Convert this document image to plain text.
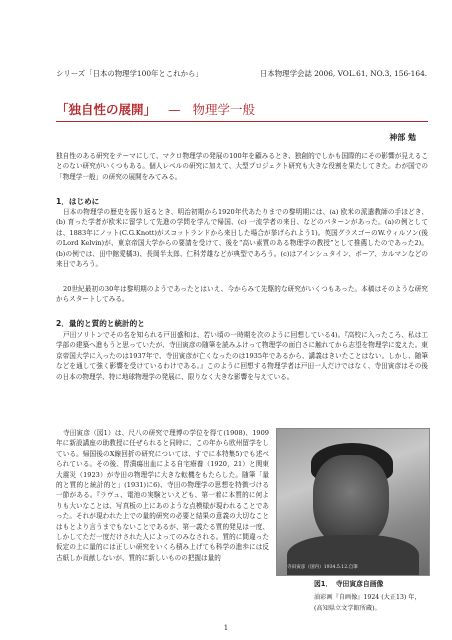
シリーズ「日本の物理学100年とこれから」	日本物理学会誌 2006, VOL.61, NO.3, 156-164.
「独自性の展開」 — 物理学一般
神部 勉
独自性のある研究をテーマにして、マクロ物理学の発展の100年を顧みるとき、独創的でしかも国際的にその影響が見えることのない研究がいくつもある。個人レベルの研究に加えて、大型プロジェクト研究も大きな役割を果たしてきた。わが国での「物理学一般」の研究の展開をみてみる。
1．はじめに
日本の物理学の歴史を振り返るとき、明治初期から1920年代あたりまでの黎明期には、(a) 欧米の派遣教師の手ほどき、(b) 育った学者が欧米に留学して先進の学問を学んで帰国、(c) 一流学者の来日、などのパターンがあった。(a)の例としては、1883年にノット(C.G.Knott)がスコットランドから来日した場合が挙げられよう1)。英国グラスゴーのW.ウィルソン(後のLord Kelvin)が、東京帝国大学からの要請を受けて、後を“高い素質のある物理学の教授”として推薦したのであった2)。(b)の例では、田中館愛橘3)、長岡半太郎、仁科芳雄などが典型であろう。(c)はアインシュタイン、ボーア、カルマンなどの来日であろう。
20世紀最初の30年は黎明期のようであったとはいえ、今からみて先駆的な研究がいくつもあった。本稿はそのような研究からスタートしてみる。
2．量的と質的と統計的と
戸田ソリトンでその名を知られる戸田盛和は、若い頃の一時期を次のように回想している4)。『高校に入ったころ、私は工学部の建築へ進もうと思っていたが、寺田寅彦の随筆を読みふけって物理学の面白さに触れてから志望を物理学に変えた。東京帝国大学に入ったのは1937年で、寺田寅彦が亡くなったのは1935年であるから、講義はきいたことはない。しかし、随筆などを通して強く影響を受けているわけである。』このように回想する物理学者は戸田一人だけではなく、寺田寅彦はその後の日本の物理学、特に地球物理学の発展に、限りなく大きな影響を与えている。
寺田寅彦（図1）は、尺八の研究で理博の学位を得て(1908)、1909年に新設講座の助教授に任ぜられると同時に、この年から欧州留学をしている。帰国後のX線回折の研究については、すでに本特集5)でも述べられている。その後、胃潰瘍出血による自宅療養（1920，21）と関東大震災（1923）が寺田の物理学に大きな転機をもたらした。随筆「量的と質的と統計的と」(1931)に6)、寺田の物理学の思想を特徴づける一節がある。『ラヴュ、電池の実験といえども、第一着に本質的に何よりも大いなことは、写真板の上にあのような点模様が現われることであった。それが現われた上での量的研究の必要と結果の意義の大切なことはもとより言うまでもないことであるが、第一義たる質的発見は一度、しかしてただ一度だけされた人によってのみなされる。質的に間違った仮定の上に量的には正しい研究をいくら積み上げても科学の進歩には反古紙しか貢献しないが、質的に新しいものの把握は量的
寺田寅彦（国内）1934.5.12.自筆
図1．　寺田寅彦自画像
油彩画『自画像』1924 (大正13) 年，
(高知県立文学館所蔵)。
1
